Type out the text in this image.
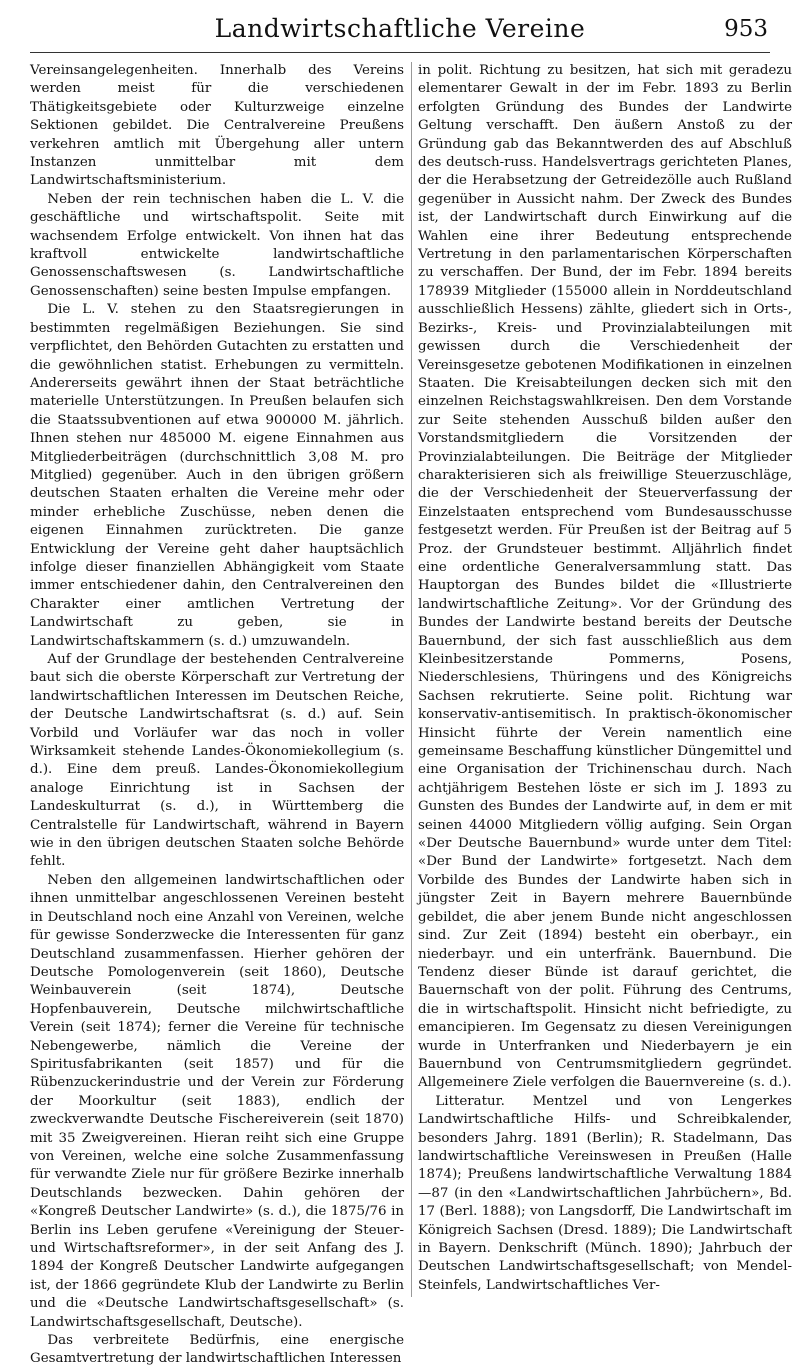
Landwirtschaftliche Vereine	953

Vereinsangelegenheiten. Innerhalb des Vereins werden meist für die verschiedenen Thätigkeitsgebiete oder Kulturzweige einzelne Sektionen gebildet. Die Centralvereine Preußens verkehren amtlich mit Übergehung aller untern Instanzen unmittelbar mit dem Landwirtschaftsministerium.

Neben der rein technischen haben die L. V. die geschäftliche und wirtschaftspolit. Seite mit wachsendem Erfolge entwickelt. Von ihnen hat das kraftvoll entwickelte landwirtschaftliche Genossenschaftswesen (s. Landwirtschaftliche Genossenschaften) seine besten Impulse empfangen.

Die L. V. stehen zu den Staatsregierungen in bestimmten regelmäßigen Beziehungen. Sie sind verpflichtet, den Behörden Gutachten zu erstatten und die gewöhnlichen statist. Erhebungen zu vermitteln. Andererseits gewährt ihnen der Staat beträchtliche materielle Unterstützungen. In Preußen belaufen sich die Staatssubventionen auf etwa 900000 M. jährlich. Ihnen stehen nur 485000 M. eigene Einnahmen aus Mitgliederbeiträgen (durchschnittlich 3,08 M. pro Mitglied) gegenüber. Auch in den übrigen größern deutschen Staaten erhalten die Vereine mehr oder minder erhebliche Zuschüsse, neben denen die eigenen Einnahmen zurücktreten. Die ganze Entwicklung der Vereine geht daher hauptsächlich infolge dieser finanziellen Abhängigkeit vom Staate immer entschiedener dahin, den Centralvereinen den Charakter einer amtlichen Vertretung der Landwirtschaft zu geben, sie in Landwirtschaftskammern (s. d.) umzuwandeln.

Auf der Grundlage der bestehenden Centralvereine baut sich die oberste Körperschaft zur Vertretung der landwirtschaftlichen Interessen im Deutschen Reiche, der Deutsche Landwirtschaftsrat (s. d.) auf. Sein Vorbild und Vorläufer war das noch in voller Wirksamkeit stehende Landes-Ökonomiekollegium (s. d.). Eine dem preuß. Landes-Ökonomiekollegium analoge Einrichtung ist in Sachsen der Landeskulturrat (s. d.), in Württemberg die Centralstelle für Landwirtschaft, während in Bayern wie in den übrigen deutschen Staaten solche Behörde fehlt.

Neben den allgemeinen landwirtschaftlichen oder ihnen unmittelbar angeschlossenen Vereinen besteht in Deutschland noch eine Anzahl von Vereinen, welche für gewisse Sonderzwecke die Interessenten für ganz Deutschland zusammenfassen. Hierher gehören der Deutsche Pomologenverein (seit 1860), Deutsche Weinbauverein (seit 1874), Deutsche Hopfenbauverein, Deutsche milchwirtschaftliche Verein (seit 1874); ferner die Vereine für technische Nebengewerbe, nämlich die Vereine der Spiritusfabrikanten (seit 1857) und für die Rübenzuckerindustrie und der Verein zur Förderung der Moorkultur (seit 1883), endlich der zweckverwandte Deutsche Fischereiverein (seit 1870) mit 35 Zweigvereinen. Hieran reiht sich eine Gruppe von Vereinen, welche eine solche Zusammenfassung für verwandte Ziele nur für größere Bezirke innerhalb Deutschlands bezwecken. Dahin gehören der «Kongreß Deutscher Landwirte» (s. d.), die 1875/76 in Berlin ins Leben gerufene «Vereinigung der Steuer- und Wirtschaftsreformer», in der seit Anfang des J. 1894 der Kongreß Deutscher Landwirte aufgegangen ist, der 1866 gegründete Klub der Landwirte zu Berlin und die «Deutsche Landwirtschaftsgesellschaft» (s. Landwirtschaftsgesellschaft, Deutsche).

Das verbreitete Bedürfnis, eine energische Gesamtvertretung der landwirtschaftlichen Interessen

in polit. Richtung zu besitzen, hat sich mit geradezu elementarer Gewalt in der im Febr. 1893 zu Berlin erfolgten Gründung des Bundes der Landwirte Geltung verschafft. Den äußern Anstoß zu der Gründung gab das Bekanntwerden des auf Abschluß des deutsch-russ. Handelsvertrags gerichteten Planes, der die Herabsetzung der Getreidezölle auch Rußland gegenüber in Aussicht nahm. Der Zweck des Bundes ist, der Landwirtschaft durch Einwirkung auf die Wahlen eine ihrer Bedeutung entsprechende Vertretung in den parlamentarischen Körperschaften zu verschaffen. Der Bund, der im Febr. 1894 bereits 178939 Mitglieder (155000 allein in Norddeutschland ausschließlich Hessens) zählte, gliedert sich in Orts-, Bezirks-, Kreis- und Provinzialabteilungen mit gewissen durch die Verschiedenheit der Vereinsgesetze gebotenen Modifikationen in einzelnen Staaten. Die Kreisabteilungen decken sich mit den einzelnen Reichstagswahlkreisen. Den dem Vorstande zur Seite stehenden Ausschuß bilden außer den Vorstandsmitgliedern die Vorsitzenden der Provinzialabteilungen. Die Beiträge der Mitglieder charakterisieren sich als freiwillige Steuerzuschläge, die der Verschiedenheit der Steuerverfassung der Einzelstaaten entsprechend vom Bundesausschusse festgesetzt werden. Für Preußen ist der Beitrag auf 5 Proz. der Grundsteuer bestimmt. Alljährlich findet eine ordentliche Generalversammlung statt. Das Hauptorgan des Bundes bildet die «Illustrierte landwirtschaftliche Zeitung». Vor der Gründung des Bundes der Landwirte bestand bereits der Deutsche Bauernbund, der sich fast ausschließlich aus dem Kleinbesitzerstande Pommerns, Posens, Niederschlesiens, Thüringens und des Königreichs Sachsen rekrutierte. Seine polit. Richtung war konservativ-antisemitisch. In praktisch-ökonomischer Hinsicht führte der Verein namentlich eine gemeinsame Beschaffung künstlicher Düngemittel und eine Organisation der Trichinenschau durch. Nach achtjährigem Bestehen löste er sich im J. 1893 zu Gunsten des Bundes der Landwirte auf, in dem er mit seinen 44000 Mitgliedern völlig aufging. Sein Organ «Der Deutsche Bauernbund» wurde unter dem Titel: «Der Bund der Landwirte» fortgesetzt. Nach dem Vorbilde des Bundes der Landwirte haben sich in jüngster Zeit in Bayern mehrere Bauernbünde gebildet, die aber jenem Bunde nicht angeschlossen sind. Zur Zeit (1894) besteht ein oberbayr., ein niederbayr. und ein unterfränk. Bauernbund. Die Tendenz dieser Bünde ist darauf gerichtet, die Bauernschaft von der polit. Führung des Centrums, die in wirtschaftspolit. Hinsicht nicht befriedigte, zu emancipieren. Im Gegensatz zu diesen Vereinigungen wurde in Unterfranken und Niederbayern je ein Bauernbund von Centrumsmitgliedern gegründet. Allgemeinere Ziele verfolgen die Bauernvereine (s. d.).

Litteratur. Mentzel und von Lengerkes Landwirtschaftliche Hilfs- und Schreibkalender, besonders Jahrg. 1891 (Berlin); R. Stadelmann, Das landwirtschaftliche Vereinswesen in Preußen (Halle 1874); Preußens landwirtschaftliche Verwaltung 1884—87 (in den «Landwirtschaftlichen Jahrbüchern», Bd. 17 (Berl. 1888); von Langsdorff, Die Landwirtschaft im Königreich Sachsen (Dresd. 1889); Die Landwirtschaft in Bayern. Denkschrift (Münch. 1890); Jahrbuch der Deutschen Landwirtschaftsgesellschaft; von Mendel-Steinfels, Landwirtschaftliches Ver-
